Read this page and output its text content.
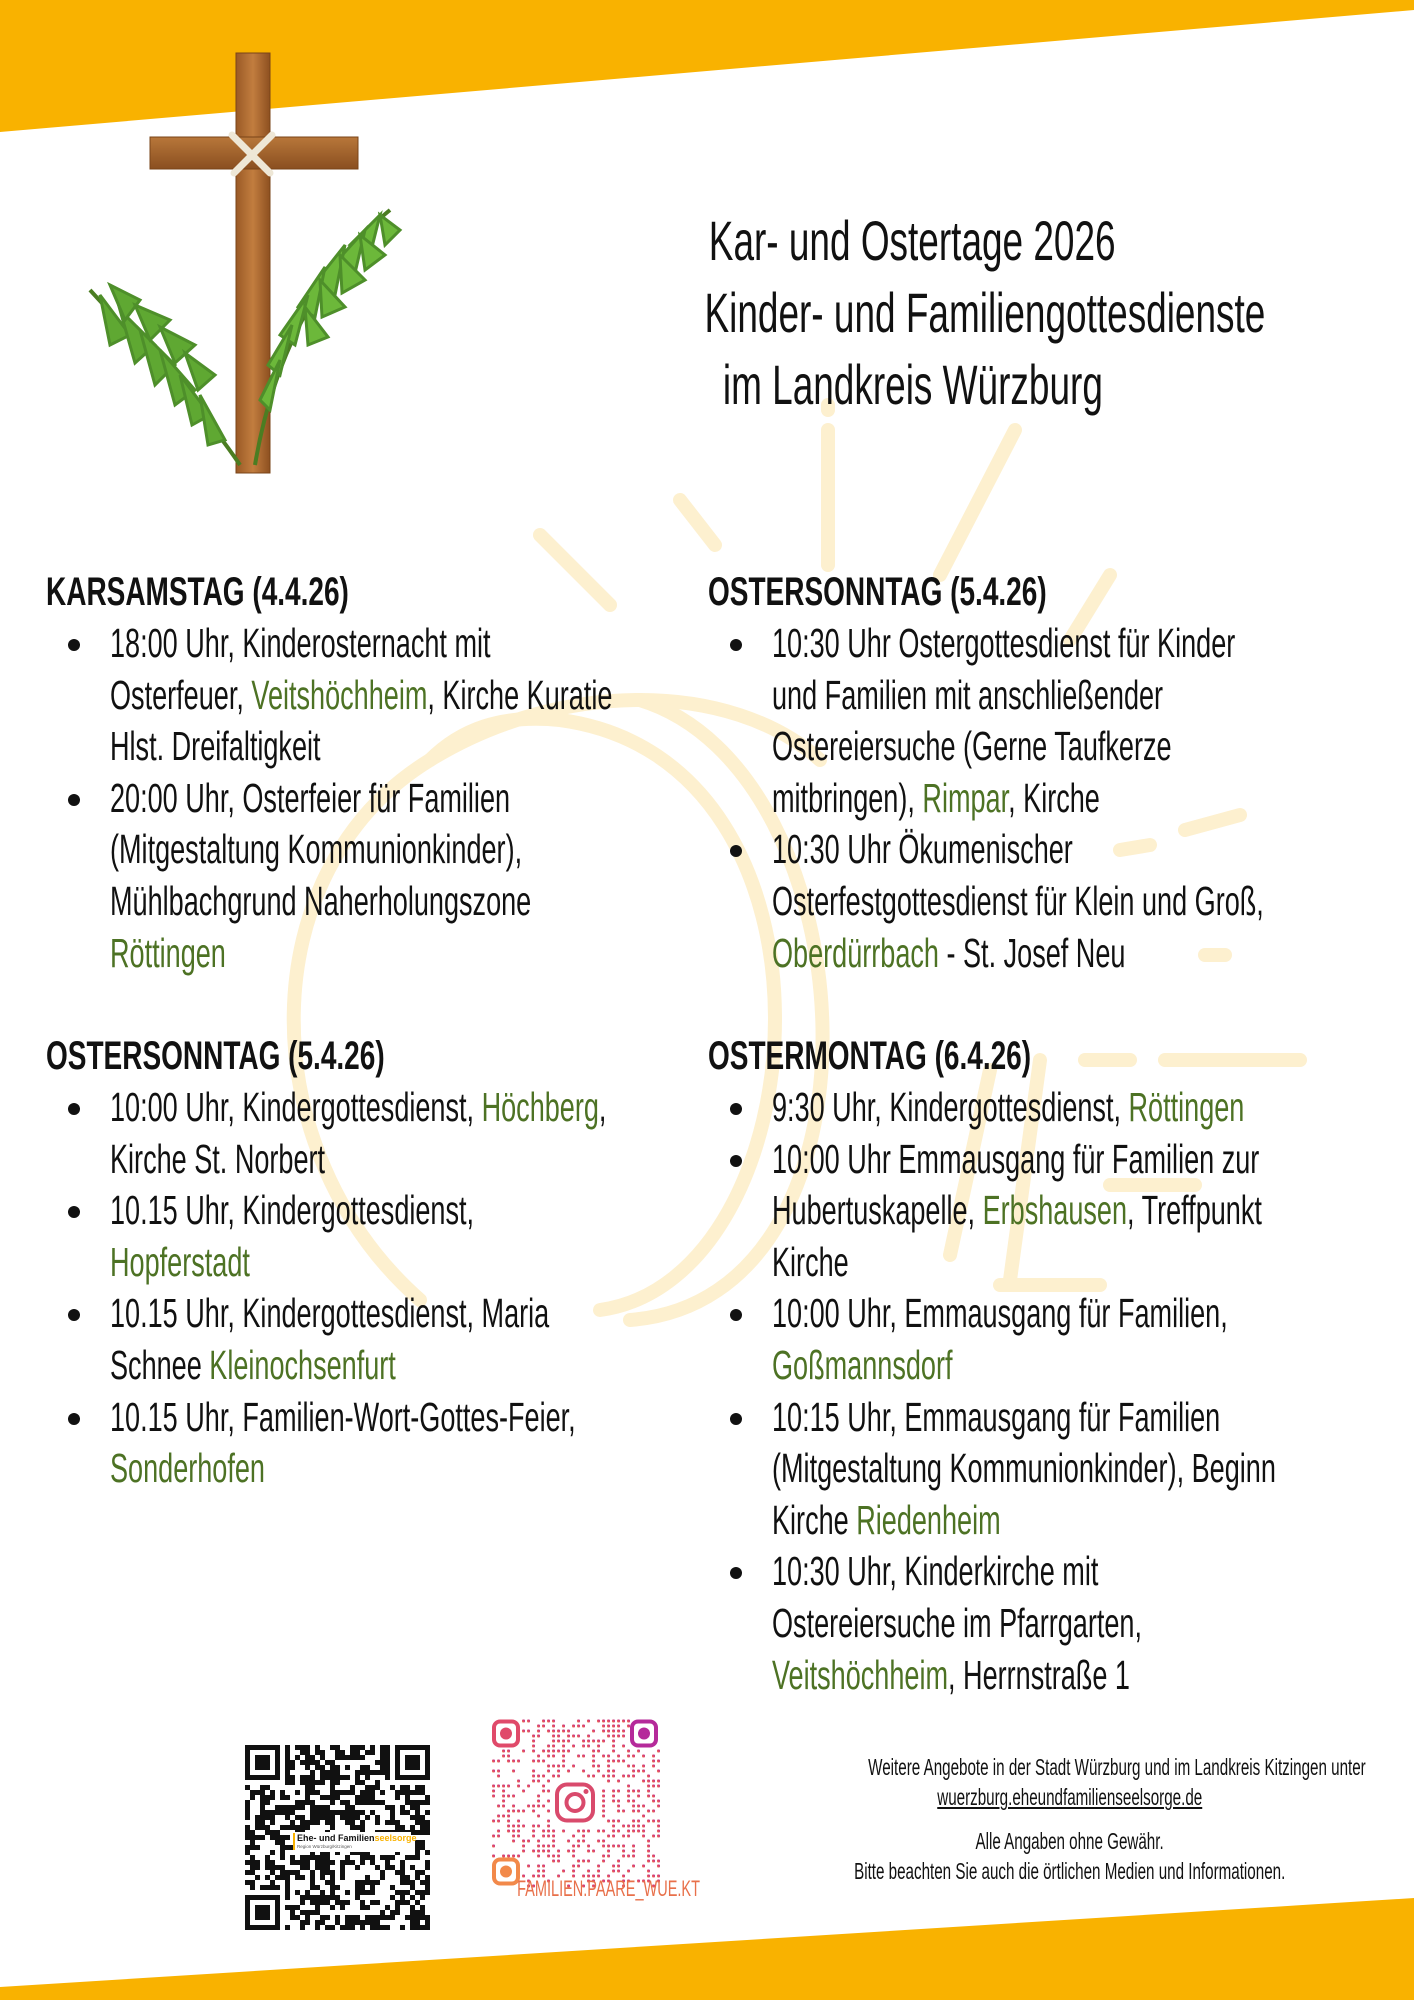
Kar- und Ostertage 2026
Kinder- und Familiengottesdienste
im Landkreis Würzburg
KARSAMSTAG (4.4.26)
18:00 Uhr, Kinderosternacht mit
Osterfeuer, Veitshöchheim, Kirche Kuratie
Hlst. Dreifaltigkeit
20:00 Uhr, Osterfeier für Familien
(Mitgestaltung Kommunionkinder),
Mühlbachgrund Naherholungszone
Röttingen
OSTERSONNTAG (5.4.26)
10:00 Uhr, Kindergottesdienst, Höchberg,
Kirche St. Norbert
10.15 Uhr, Kindergottesdienst,
Hopferstadt
10.15 Uhr, Kindergottesdienst, Maria
Schnee Kleinochsenfurt
10.15 Uhr, Familien-Wort-Gottes-Feier,
Sonderhofen
OSTERSONNTAG (5.4.26)
10:30 Uhr Ostergottesdienst für Kinder
und Familien mit anschließender
Ostereiersuche (Gerne Taufkerze
mitbringen), Rimpar, Kirche
10:30 Uhr Ökumenischer
Osterfestgottesdienst für Klein und Groß,
Oberdürrbach - St. Josef Neu
OSTERMONTAG (6.4.26)
9:30 Uhr, Kindergottesdienst, Röttingen
10:00 Uhr Emmausgang für Familien zur
Hubertuskapelle, Erbshausen, Treffpunkt
Kirche
10:00 Uhr, Emmausgang für Familien,
Goßmannsdorf
10:15 Uhr, Emmausgang für Familien
(Mitgestaltung Kommunionkinder), Beginn
Kirche Riedenheim
10:30 Uhr, Kinderkirche mit
Ostereiersuche im Pfarrgarten,
Veitshöchheim, Herrnstraße 1
Ehe- und Familienseelsorge
Region Würzburg/Kitzingen
FAMILIEN.PAARE_WUE.KT
Weitere Angebote in der Stadt Würzburg und im Landkreis Kitzingen unter
wuerzburg.eheundfamilienseelsorge.de
Alle Angaben ohne Gewähr.
Bitte beachten Sie auch die örtlichen Medien und Informationen.
